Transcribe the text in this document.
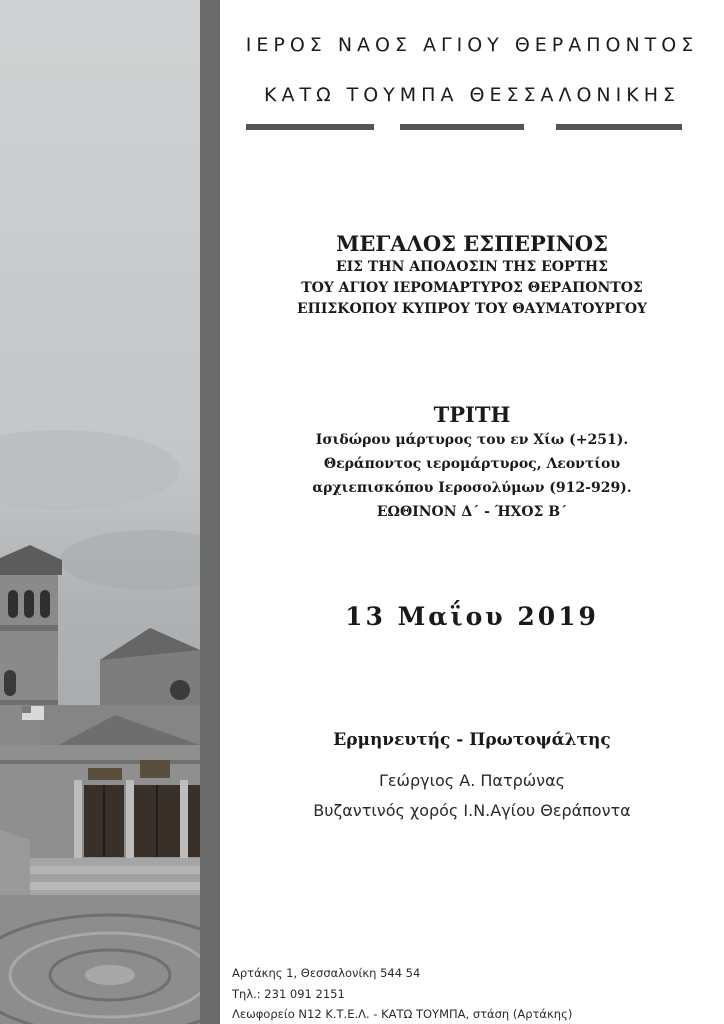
ΙΕΡΟΣ ΝΑΟΣ ΑΓΙΟΥ ΘΕΡΑΠΟΝΤΟΣ
ΚΑΤΩ ΤΟΥΜΠΑ ΘΕΣΣΑΛΟΝΙΚΗΣ
ΜΕΓΑΛΟΣ ΕΣΠΕΡΙΝΟΣ
ΕΙΣ ΤΗΝ ΑΠΟΔΟΣΙΝ ΤΗΣ ΕΟΡΤΗΣ
ΤΟΥ ΑΓΙΟΥ ΙΕΡΟΜΑΡΤΥΡΟΣ ΘΕΡΑΠΟΝΤΟΣ
ΕΠΙΣΚΟΠΟΥ ΚΥΠΡΟΥ ΤΟΥ ΘΑΥΜΑΤΟΥΡΓΟΥ
ΤΡΙΤΗ
Ισιδώρου μάρτυρος του εν Χίω (+251).
Θεράποντος ιερομάρτυρος, Λεοντίου
αρχιεπισκόπου Ιεροσολύμων (912-929).
ΕΩΘΙΝΟΝ Δ΄ - ΉΧΟΣ Β΄
13 Μαΐου 2019
Ερμηνευτής - Πρωτοψάλτης
Γεώργιος Α. Πατρώνας
Βυζαντινός χορός Ι.Ν.Αγίου Θεράποντα
Αρτάκης 1, Θεσσαλονίκη 544 54
Τηλ.: 231 091 2151
Λεωφορείο Ν12 Κ.Τ.Ε.Λ. - ΚΑΤΩ ΤΟΥΜΠΑ, στάση (Αρτάκης)
